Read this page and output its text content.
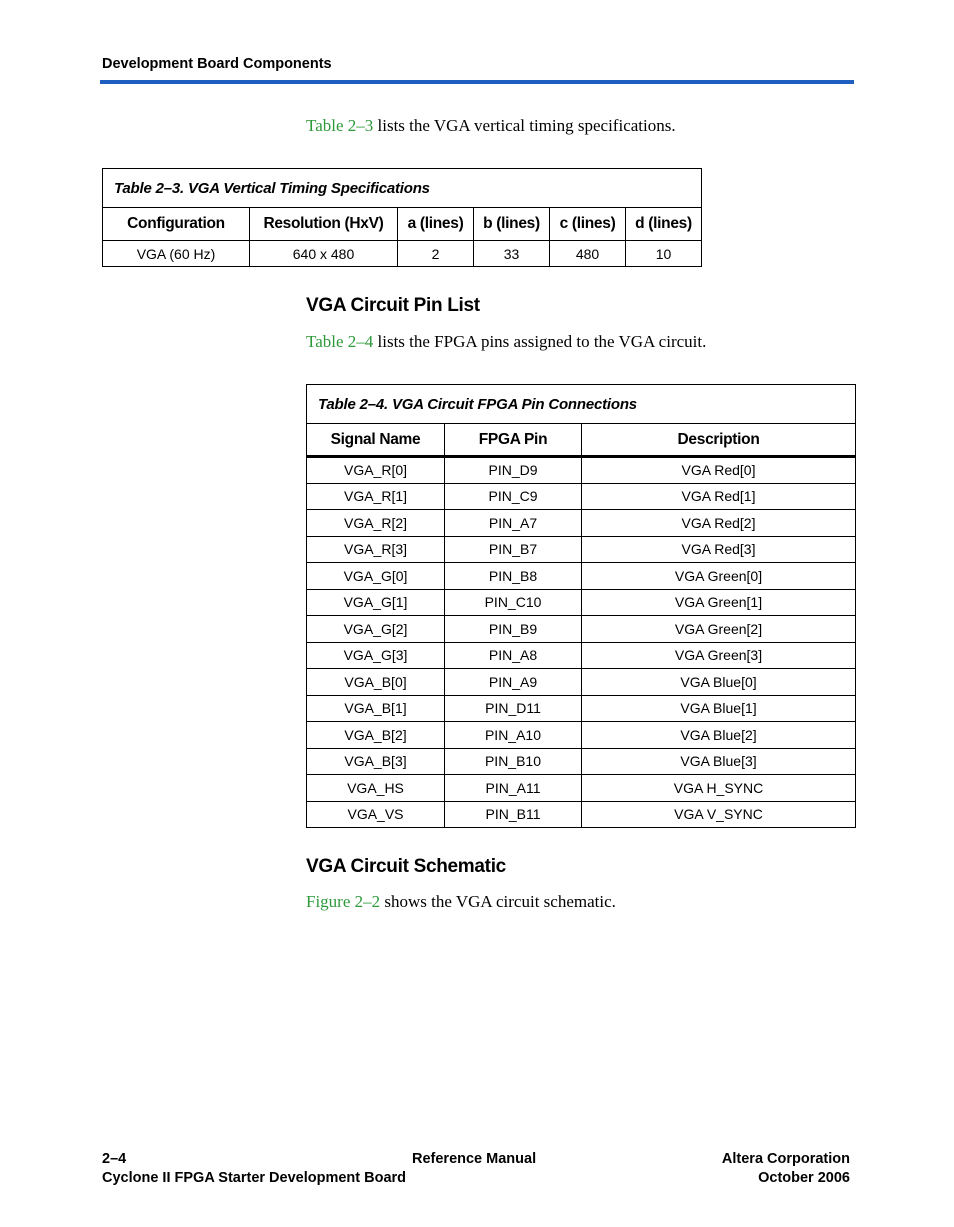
Development Board Components
Table 2–3 lists the VGA vertical timing specifications.
Table 2–3. VGA Vertical Timing Specifications					
Configuration	Resolution (HxV)	a (lines)	b (lines)	c (lines)	d (lines)
VGA (60 Hz)	640 x 480	2	33	480	10
VGA Circuit Pin List
Table 2–4 lists the FPGA pins assigned to the VGA circuit.
Table 2–4. VGA Circuit FPGA Pin Connections		
Signal Name	FPGA Pin	Description
VGA_R[0]	PIN_D9	VGA Red[0]
VGA_R[1]	PIN_C9	VGA Red[1]
VGA_R[2]	PIN_A7	VGA Red[2]
VGA_R[3]	PIN_B7	VGA Red[3]
VGA_G[0]	PIN_B8	VGA Green[0]
VGA_G[1]	PIN_C10	VGA Green[1]
VGA_G[2]	PIN_B9	VGA Green[2]
VGA_G[3]	PIN_A8	VGA Green[3]
VGA_B[0]	PIN_A9	VGA Blue[0]
VGA_B[1]	PIN_D11	VGA Blue[1]
VGA_B[2]	PIN_A10	VGA Blue[2]
VGA_B[3]	PIN_B10	VGA Blue[3]
VGA_HS	PIN_A11	VGA H_SYNC
VGA_VS	PIN_B11	VGA V_SYNC
VGA Circuit Schematic
Figure 2–2 shows the VGA circuit schematic.
2–4	Reference Manual	Altera Corporation
Cyclone II FPGA Starter Development Board	October 2006
